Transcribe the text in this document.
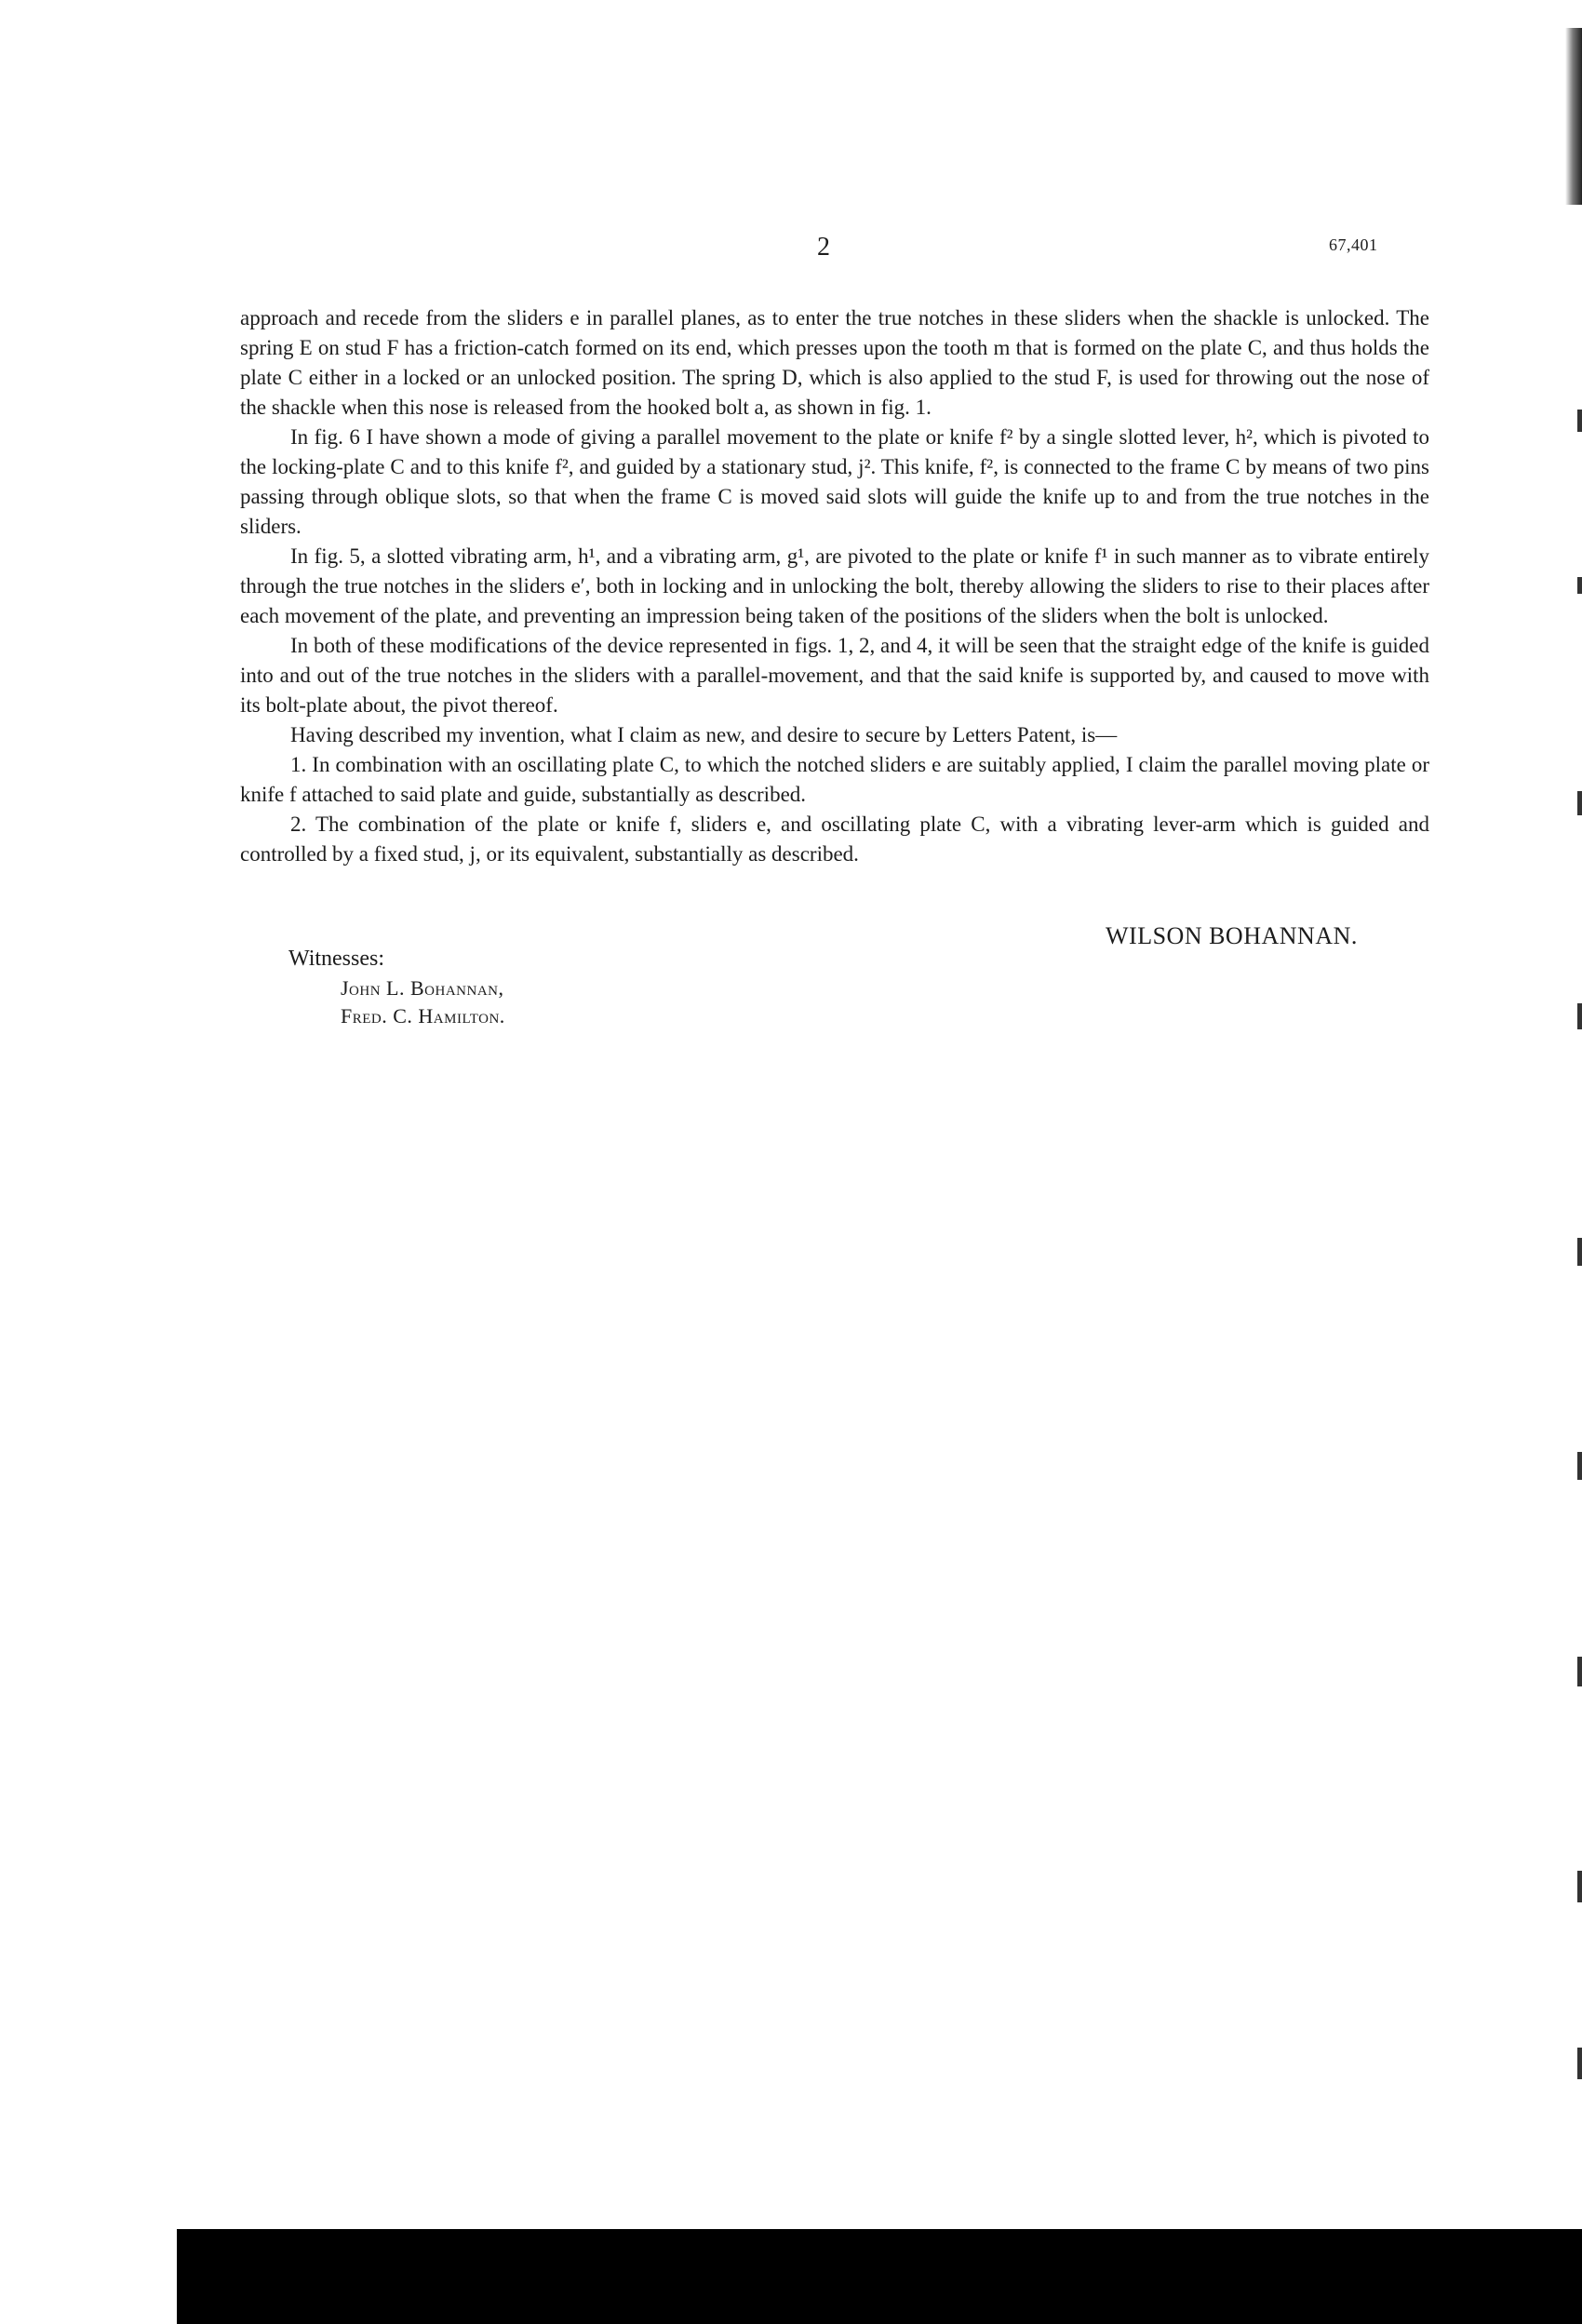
2	67,401

approach and recede from the sliders e in parallel planes, as to enter the true notches in these sliders when the shackle is unlocked. The spring E on stud F has a friction-catch formed on its end, which presses upon the tooth m that is formed on the plate C, and thus holds the plate C either in a locked or an unlocked position. The spring D, which is also applied to the stud F, is used for throwing out the nose of the shackle when this nose is released from the hooked bolt a, as shown in fig. 1.

In fig. 6 I have shown a mode of giving a parallel movement to the plate or knife f² by a single slotted lever, h², which is pivoted to the locking-plate C and to this knife f², and guided by a stationary stud, j². This knife, f², is connected to the frame C by means of two pins passing through oblique slots, so that when the frame C is moved said slots will guide the knife up to and from the true notches in the sliders.

In fig. 5, a slotted vibrating arm, h¹, and a vibrating arm, g¹, are pivoted to the plate or knife f¹ in such manner as to vibrate entirely through the true notches in the sliders e′, both in locking and in unlocking the bolt, thereby allowing the sliders to rise to their places after each movement of the plate, and preventing an impression being taken of the positions of the sliders when the bolt is unlocked.

In both of these modifications of the device represented in figs. 1, 2, and 4, it will be seen that the straight edge of the knife is guided into and out of the true notches in the sliders with a parallel-movement, and that the said knife is supported by, and caused to move with its bolt-plate about, the pivot thereof.

Having described my invention, what I claim as new, and desire to secure by Letters Patent, is—

1. In combination with an oscillating plate C, to which the notched sliders e are suitably applied, I claim the parallel moving plate or knife f attached to said plate and guide, substantially as described.

2. The combination of the plate or knife f, sliders e, and oscillating plate C, with a vibrating lever-arm which is guided and controlled by a fixed stud, j, or its equivalent, substantially as described.

WILSON BOHANNAN.
Witnesses:
John L. Bohannan,
Fred. C. Hamilton.
